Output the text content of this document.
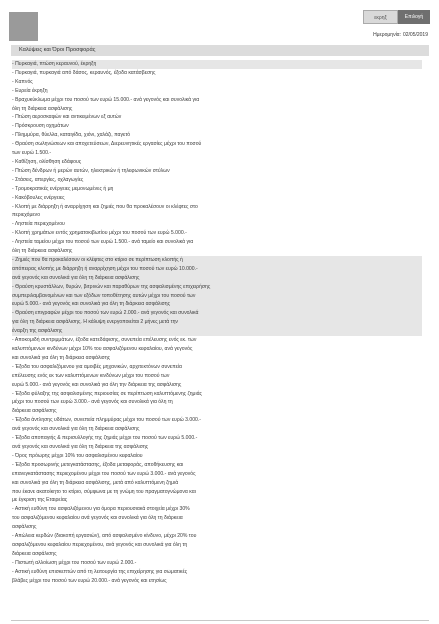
εκρηξ	Επιλογή
Ημερομηνία: 02/05/2019
Καλύψεις και Όροι Προσφοράς
- Πυρκαγιά, πτώση κεραυνού, έκρηξη
- Πυρκαγιά, πυρκαγιά από δάσος, κεραυνός, έξοδα κατάσβεσης
- Καπνός
- Ευρεία έκρηξη
- Βραχυκύκλωμα μέχρι του ποσού των ευρώ 15.000.- ανά γεγονός και συνολικά για
όλη τη διάρκεια ασφάλισης
- Πτώση αεροσκαφών και αντικειμένων εξ αυτών
- Πρόσκρουση οχημάτων
- Πλημμύρα, θύελλα, καταιγίδα, χιόνι, χαλάζι, παγετό
- Θραύση σωληνώσεων και αποχετεύσεων, Διερευνητικές εργασίες μέχρι του ποσού
των ευρώ 1.500.-
- Καθίζηση, ολίσθηση εδάφους
- Πτώση δένδρων ή μερών αυτών, ηλεκτρικών ή τηλεφωνικών στύλων
- Στάσεις, απεργίες, οχλαγωγίες
- Τρομοκρατικές ενέργειες μεμονωμένες ή μη
- Κακόβουλες ενέργειες
- Κλοπή με διάρρηξη ή αναρρίχηση και ζημιές που θα προκαλέσουν οι κλέφτες στο
περιεχόμενο
- Ληστεία περιεχομένου
- Κλοπή χρημάτων εντός χρηματοκιβωτίου μέχρι του ποσού των ευρώ 5.000.-
- Ληστεία ταμείου μέχρι του ποσού των ευρώ 1.500.- ανά ταμείο και συνολικά για
όλη τη διάρκεια ασφάλισης
- Ζημιές που θα προκαλέσουν οι κλέφτες στο κτίριο σε περίπτωση κλοπής ή
απόπειρας κλοπής με διάρρηξη ή αναρρίχηση μέχρι του ποσού των ευρώ 10.000.-
ανά γεγονός και συνολικά για όλη τη διάρκεια ασφάλισης
- Θραύση κρυστάλλων, θυρών, βιτρινών και παραθύρων της ασφαλισμένης επιχειρήσης
συμπεριλαμβανομένων και των εξόδων τοποθέτησης αυτών μέχρι του ποσού των
ευρώ 5.000.- ανά γεγονός και συνολικά για όλη τη διάρκεια ασφάλισης
- Θραύση επιγραφών μέχρι του ποσού των ευρώ 2.000.- ανά γεγονός και συνολικά
για όλη τη διάρκεια ασφάλισης. Η κάλυψη ενεργοποιείται 2 μήνες μετά την
έναρξη της ασφάλισης
- Αποκομιδή συντριμμάτων, έξοδα κατεδάφισης, συνεπεία επέλευσης ενός εκ. των
καλυπτόμενων κινδύνων μέχρι 10% του ασφαλιζόμενου κεφαλαίου, ανά γεγονός
και συνολικά για όλη τη διάρκεια ασφάλισης
- Έξοδα του ασφαλιζόμενου για αμοιβές μηχανικών, αρχιτεκτόνων συνεπεία
επέλευσης ενός εκ των καλυπτόμενων κινδύνων μέχρι του ποσού των
ευρώ 5.000.- ανά γεγονός και συνολικά για όλη την διάρκεια της ασφάλισης
- Έξοδα φύλαξης της ασφαλισμένης περιουσίας σε περίπτωση καλυπτόμενης ζημιάς
μέχρι του ποσού των ευρώ 3.000.- ανά γεγονός και συνολικά για όλη τη
διάρκεια ασφάλισης
- Έξοδα άντλησης υδάτων, συνεπεία πλημμύρας μέχρι του ποσού των ευρώ 3.000.-
ανά γεγονός και συνολικά για όλη τη διάρκεια ασφάλισης
- Έξοδα αποπαγιής & περισυλλογής της ζημιάς μέχρι του ποσού των ευρώ 5.000.-
ανά γεγονός και συνολικά για όλη τη διάρκεια της ασφάλισης
- Όρος πρόωρης μέχρι 10% του ασφαλισμένου κεφαλαίου
- Έξοδα προσωρινής μετεγκατάστασης, έξοδα μεταφοράς, αποθήκευσης και
επανεγκατάστασης περιεχομένου μέχρι του ποσού των ευρώ 3.000.- ανά γεγονός
και συνολικά για όλη τη διάρκεια ασφάλισης, μετά από καλυπτόμενη ζημιά
που έκανε ακατοίκητο το κτίριο, σύμφωνα με τη γνώμη του πραγματογνώμονα και
με έγκριση της Εταιρείας
- Αστική ευθύνη του ασφαλιζόμενου για όμορα περιουσιακά στοιχεία μέχρι 30%
του ασφαλιζόμενου κεφαλαίου ανά γεγονός και συνολικά για όλη τη διάρκεια
ασφάλισης
- Απώλεια κερδών (διακοπή εργασιών), από ασφαλισμένο κίνδυνο, μέχρι 20% του
ασφαλιζόμενου κεφαλαίου περιεχομένου, ανά γεγονός και συνολικά για όλη τη
διάρκεια ασφάλισης
- Πιστωτή αλλοίωση μέχρι του ποσού των ευρώ 2.000.-
- Αστική ευθύνη επισκεπτών από τη λειτουργία της επιχείρησης για σωματικές
βλάβες μέχρι του ποσού των ευρώ 20.000.- ανά γεγονός και ετησίως
